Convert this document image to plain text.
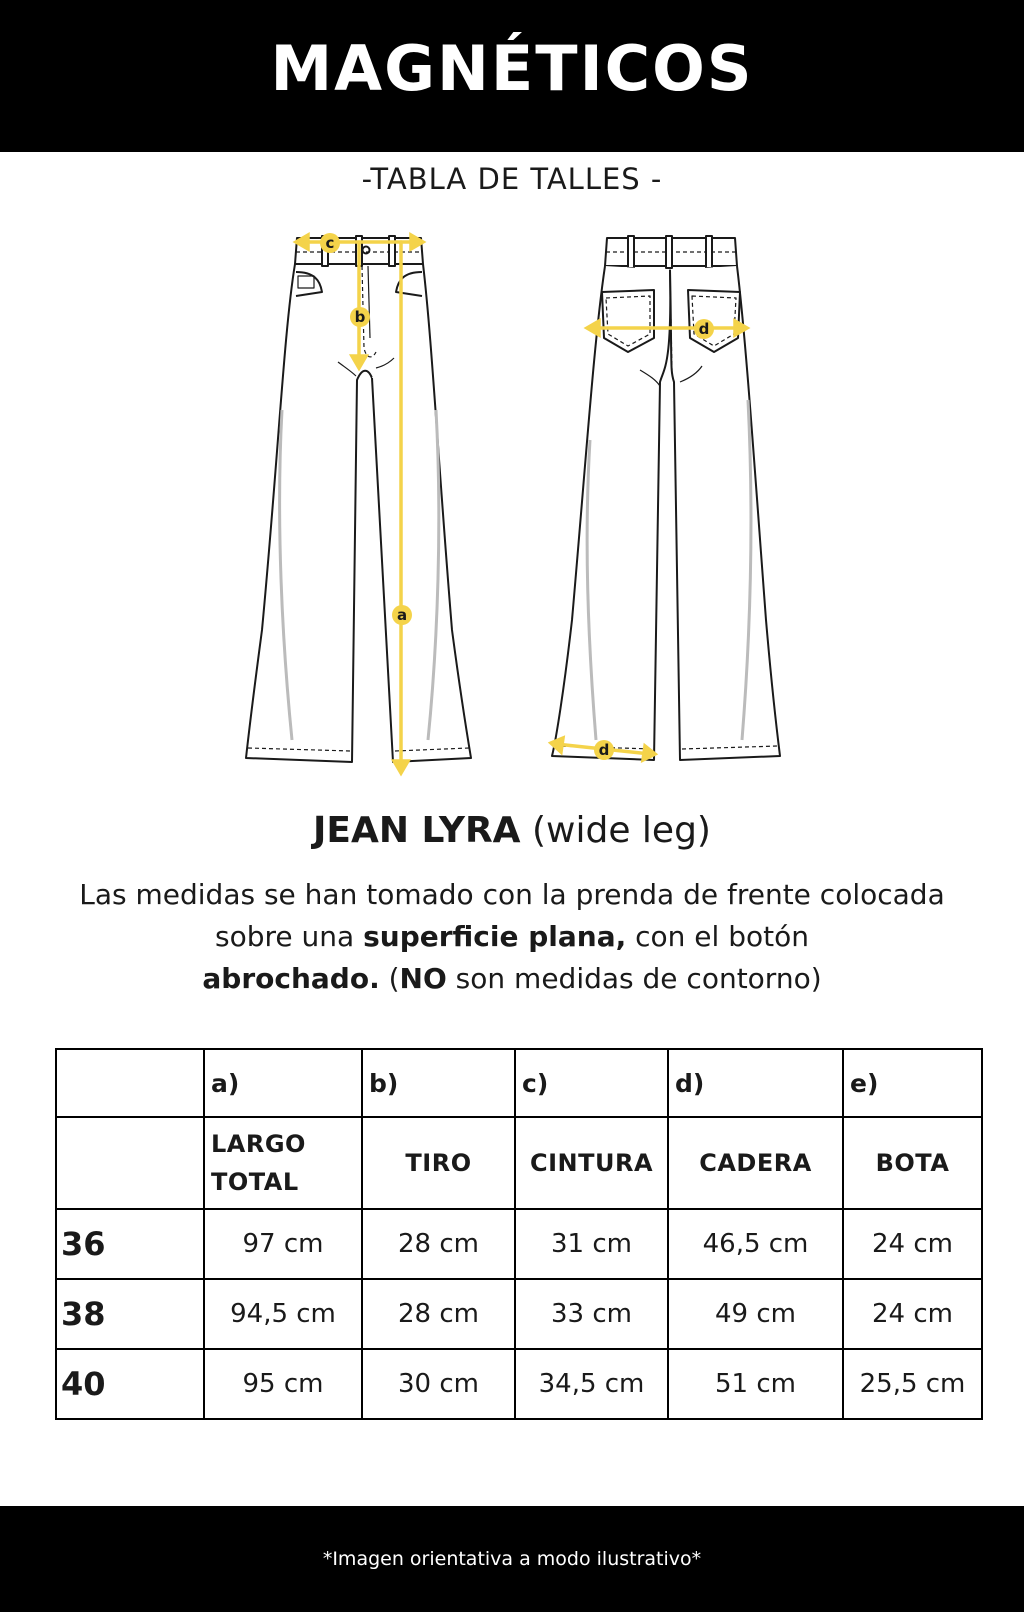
MAGNÉTICOS
-TABLA DE TALLES -
c
b
a
d
d
JEAN LYRA (wide leg)
Las medidas se han tomado con la prenda de frente colocada sobre una superficie plana, con el botón
abrochado. (NO son medidas de contorno)
	a)	b)	c)	d)	e)
	LARGO TOTAL	TIRO	CINTURA	CADERA	BOTA
36	97 cm	28 cm	31 cm	46,5 cm	24 cm
38	94,5 cm	28 cm	33 cm	49 cm	24 cm
40	95 cm	30 cm	34,5 cm	51 cm	25,5 cm
*Imagen orientativa a modo ilustrativo*
